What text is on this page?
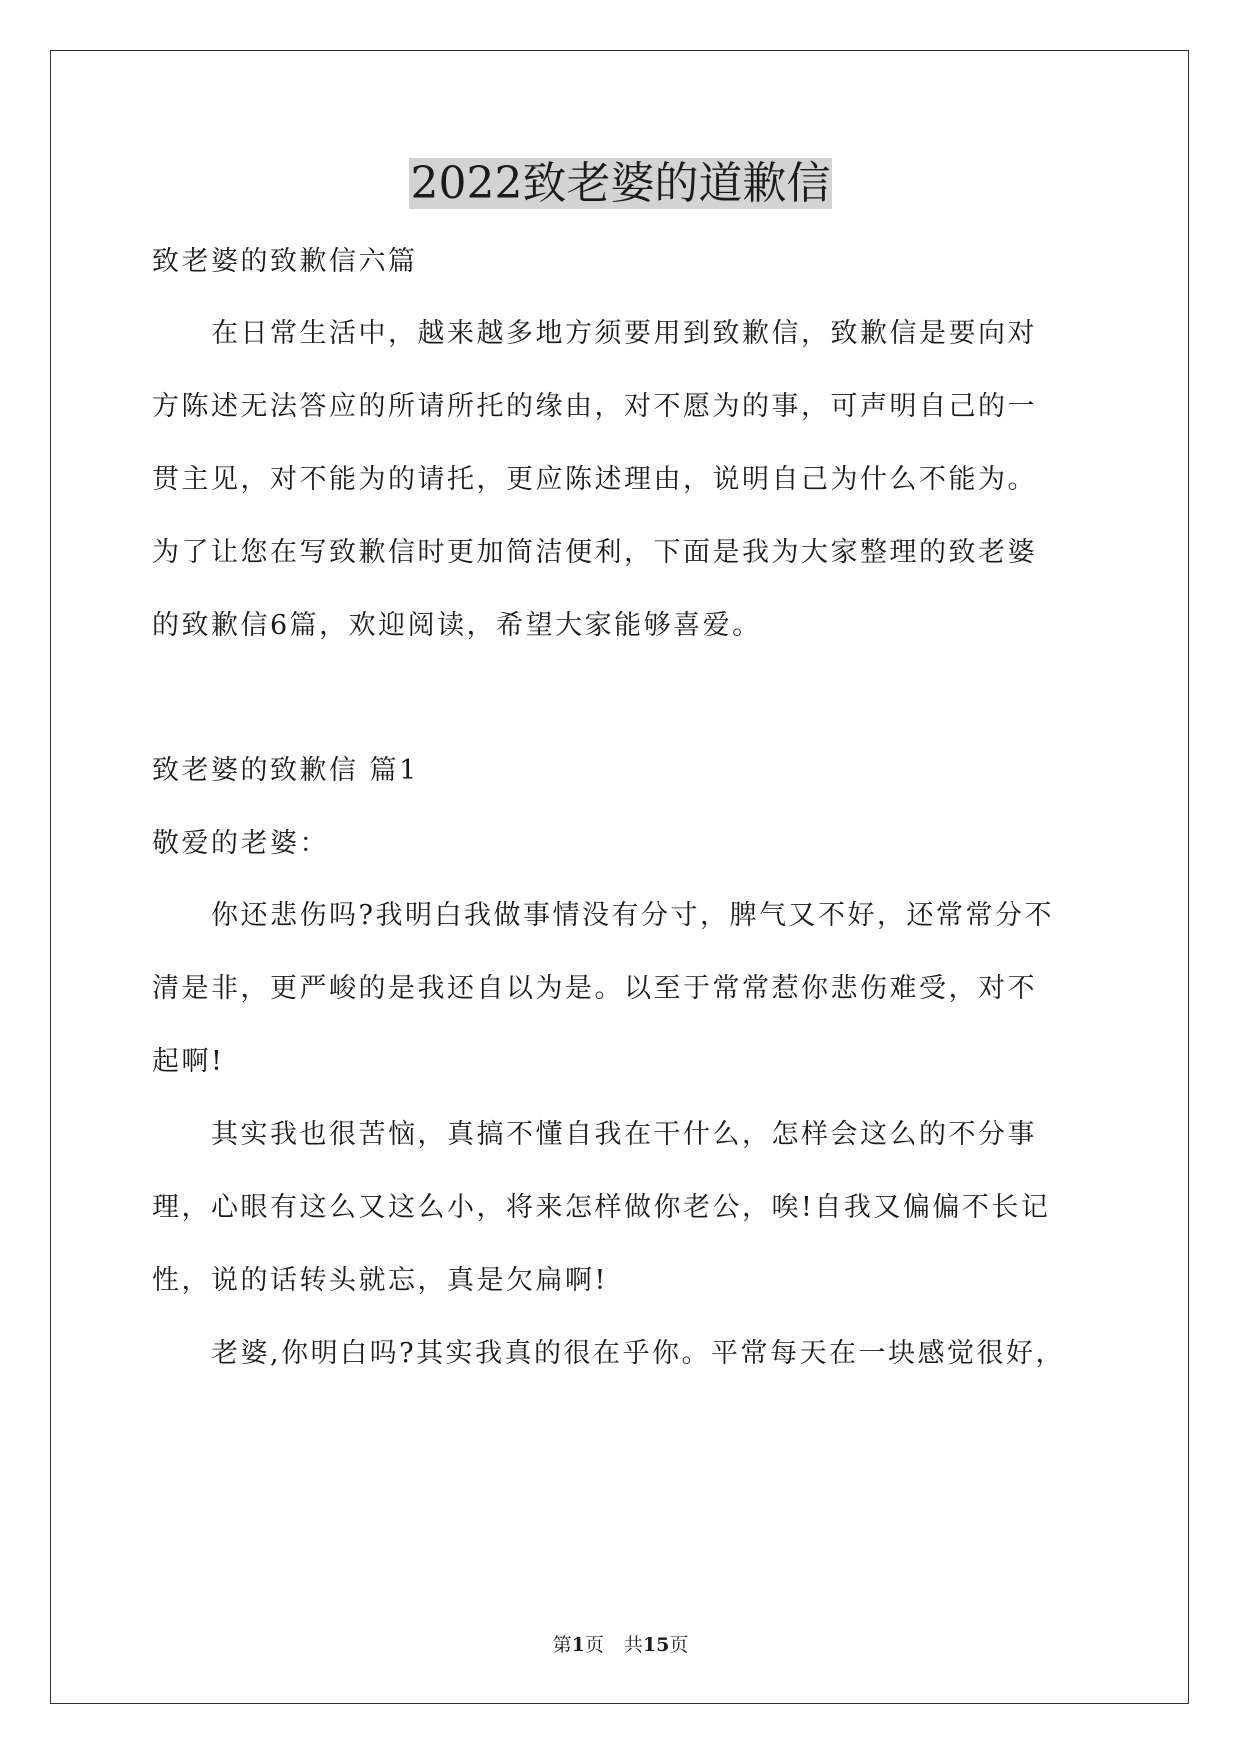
2022致老婆的道歉信
致老婆的致歉信六篇
　　在日常生活中，越来越多地方须要用到致歉信，致歉信是要向对
方陈述无法答应的所请所托的缘由，对不愿为的事，可声明自己的一
贯主见，对不能为的请托，更应陈述理由，说明自己为什么不能为。
为了让您在写致歉信时更加简洁便利，下面是我为大家整理的致老婆
的致歉信6篇，欢迎阅读，希望大家能够喜爱。
致老婆的致歉信 篇1
敬爱的老婆：
　　你还悲伤吗?我明白我做事情没有分寸，脾气又不好，还常常分不
清是非，更严峻的是我还自以为是。以至于常常惹你悲伤难受，对不
起啊!
　　其实我也很苦恼，真搞不懂自我在干什么，怎样会这么的不分事
理，心眼有这么又这么小，将来怎样做你老公，唉!自我又偏偏不长记
性，说的话转头就忘，真是欠扁啊!
　　老婆,你明白吗?其实我真的很在乎你。平常每天在一块感觉很好，
第1页 共15页
